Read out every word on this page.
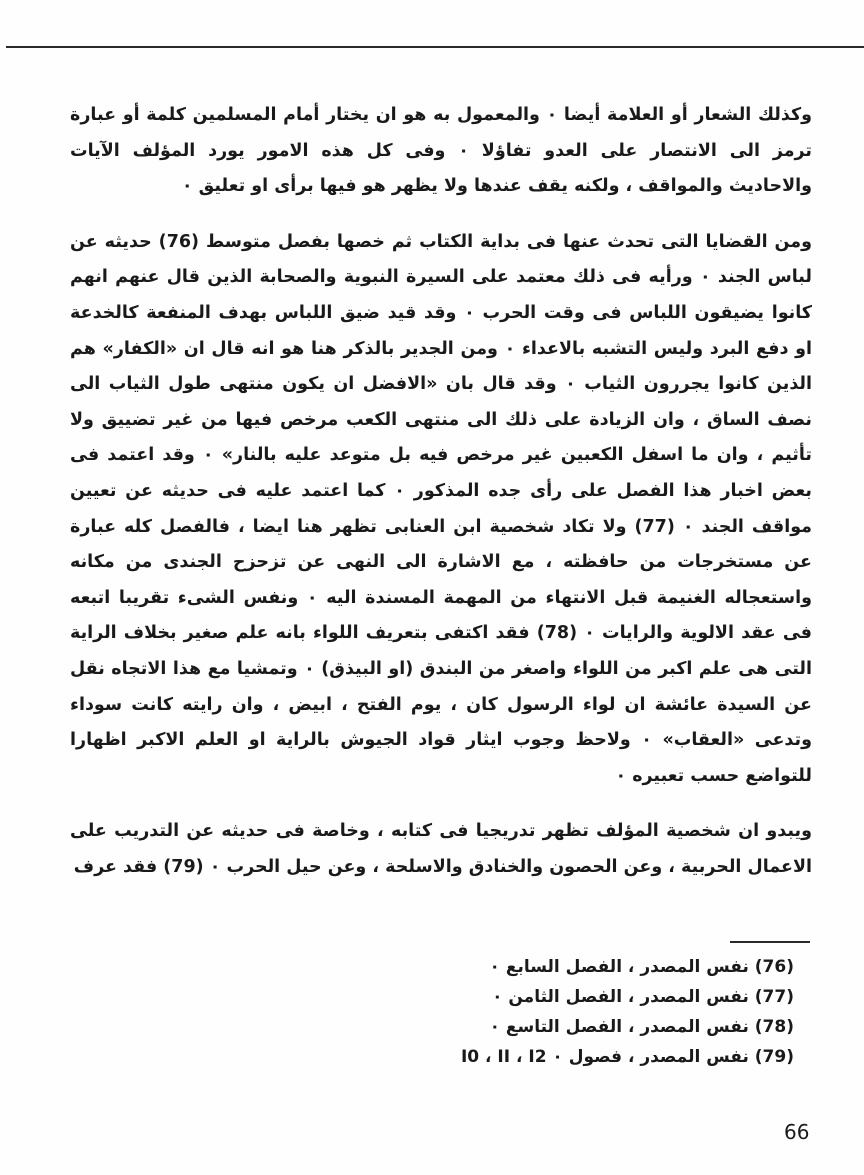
وكذلك الشعار أو العلامة أيضا ۰ والمعمول به هو ان يختار أمام المسلمين كلمة أو عبارة ترمز الى الانتصار على العدو تفاؤلا ۰ وفى كل هذه الامور يورد المؤلف الآيات والاحاديث والمواقف ، ولكنه يقف عندها ولا يظهر هو فيها برأى او تعليق ۰

ومن القضايا التى تحدث عنها فى بداية الكتاب ثم خصها بفصل متوسط (76) حديثه عن لباس الجند ۰ ورأيه فى ذلك معتمد على السيرة النبوية والصحابة الذين قال عنهم انهم كانوا يضيقون اللباس فى وقت الحرب ۰ وقد قيد ضيق اللباس بهدف المنفعة كالخدعة او دفع البرد وليس التشبه بالاعداء ۰ ومن الجدير بالذكر هنا هو انه قال ان «الكفار» هم الذين كانوا يجررون الثياب ۰ وقد قال بان «الافضل ان يكون منتهى طول الثياب الى نصف الساق ، وان الزيادة على ذلك الى منتهى الكعب مرخص فيها من غير تضييق ولا تأثيم ، وان ما اسفل الكعبين غير مرخص فيه بل متوعد عليه بالنار» ۰ وقد اعتمد فى بعض اخبار هذا الفصل على رأى جده المذكور ۰ كما اعتمد عليه فى حديثه عن تعيين مواقف الجند ۰ (77) ولا تكاد شخصية ابن العنابى تظهر هنا ايضا ، فالفصل كله عبارة عن مستخرجات من حافظته ، مع الاشارة الى النهى عن تزحزح الجندى من مكانه واستعجاله الغنيمة قبل الانتهاء من المهمة المسندة اليه ۰ ونفس الشىء تقريبا اتبعه فى عقد الالوية والرايات ۰ (78) فقد اكتفى بتعريف اللواء بانه علم صغير بخلاف الراية التى هى علم اكبر من اللواء واصغر من البندق (او البيذق) ۰ وتمشيا مع هذا الاتجاه نقل عن السيدة عائشة ان لواء الرسول كان ، يوم الفتح ، ابيض ، وان رايته كانت سوداء وتدعى «العقاب» ۰ ولاحظ وجوب ايثار قواد الجيوش بالراية او العلم الاكبر اظهارا للتواضع حسب تعبيره ۰

ويبدو ان شخصية المؤلف تظهر تدريجيا فى كتابه ، وخاصة فى حديثه عن التدريب على الاعمال الحربية ، وعن الحصون والخنادق والاسلحة ، وعن حيل الحرب ۰ (79) فقد عرف

(76) نفس المصدر ، الفصل السابع ۰
(77) نفس المصدر ، الفصل الثامن ۰
(78) نفس المصدر ، الفصل التاسع ۰
(79) نفس المصدر ، فصول I0 ، II ، I2 ۰
66
